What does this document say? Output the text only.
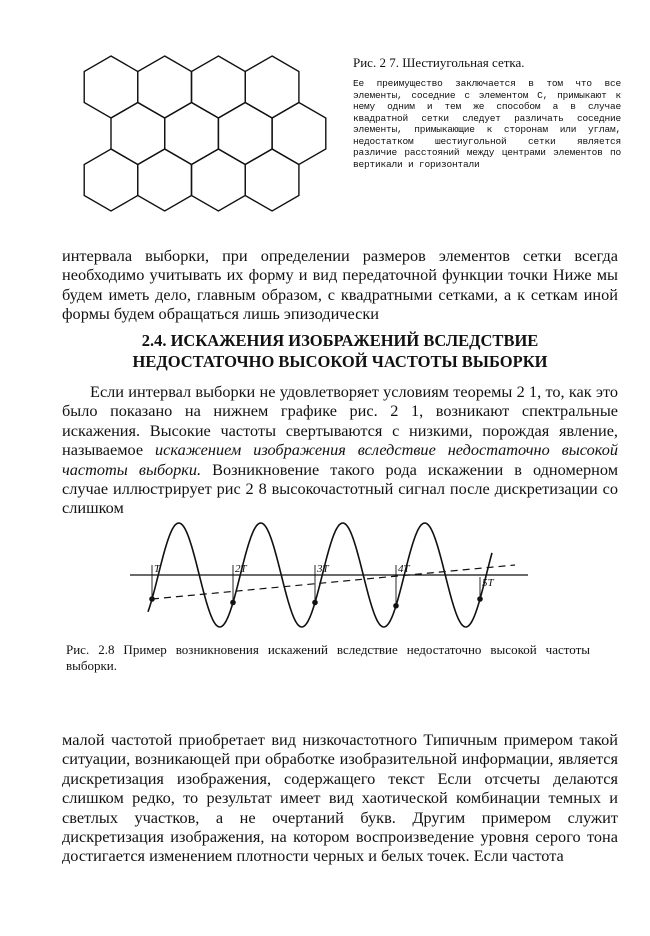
Рис. 2 7. Шестиугольная сетка.

Ее преимущество заключается в том что все элементы, соседние с элементом С, примыкают к нему одним и тем же способом а в случае квадратной сетки следует различать соседние элементы, примыкающие к сторонам или углам, недостатком шестиугольной сетки является различие расстояний между центрами элементов по вертикали и горизонтали

интервала выборки, при определении размеров элементов сетки всегда необходимо учитывать их форму и вид передаточной функции точки Ниже мы будем иметь дело, главным образом, с квадратными сетками, а к сеткам иной формы будем обращаться лишь эпизодически

2.4. ИСКАЖЕНИЯ ИЗОБРАЖЕНИЙ ВСЛЕДСТВИЕ
НЕДОСТАТОЧНО ВЫСОКОЙ ЧАСТОТЫ ВЫБОРКИ

Если интервал выборки не удовлетворяет условиям теоремы 2 1, то, как это было показано на нижнем графике рис. 2 1, возникают спектральные искажения. Высокие частоты свертываются с низкими, порождая явление, называемое искажением изображения вследствие недостаточно высокой частоты выборки. Возникновение такого рода искажении в одномерном случае иллюстрирует рис 2 8 высокочастотный сигнал после дискретизации со слишком

T	2T	3T	4T
5T

Рис. 2.8 Пример возникновения искажений вследствие недостаточно высокой частоты выборки.

малой частотой приобретает вид низкочастотного Типичным примером такой ситуации, возникающей при обработке изобразительной информации, является дискретизация изображения, содержащего текст Если отсчеты делаются слишком редко, то результат имеет вид хаотической комбинации темных и светлых участков, а не очертаний букв. Другим примером служит дискретизация изображения, на котором воспроизведение уровня серого тона достигается изменением плотности черных и белых точек. Если частота
